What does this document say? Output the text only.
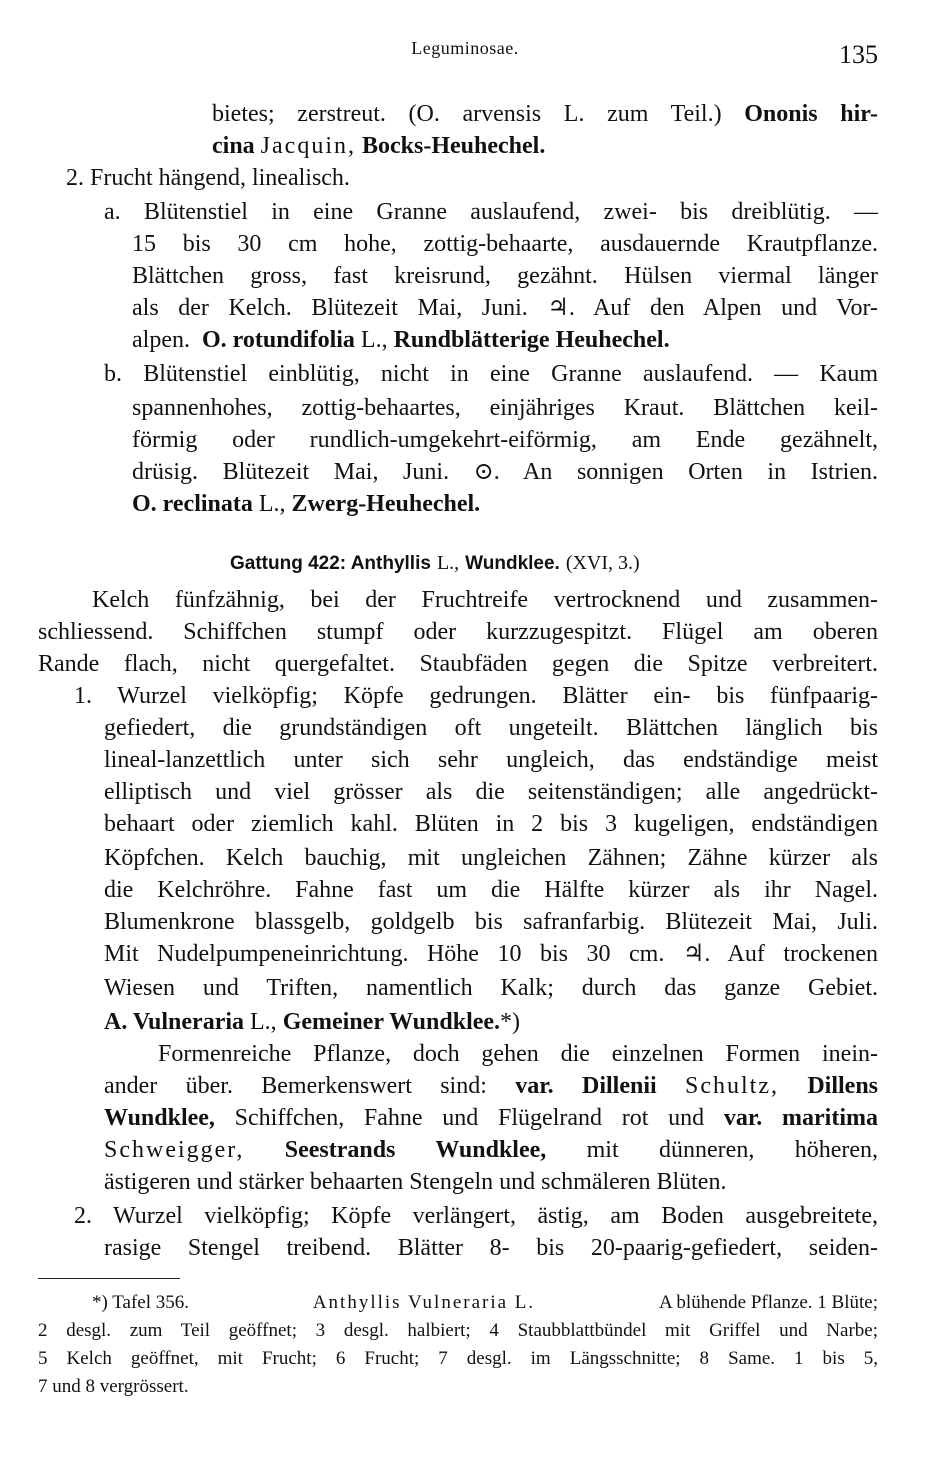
Leguminosae.	135
bietes; zerstreut. (O. arvensis L. zum Teil.) Ononis hir-
cina Jacquin, Bocks-Heuhechel.
2. Frucht hängend, linealisch.
a. Blütenstiel in eine Granne auslaufend, zwei- bis dreiblütig. —
15 bis 30 cm hohe, zottig-behaarte, ausdauernde Krautpflanze.
Blättchen gross, fast kreisrund, gezähnt. Hülsen viermal länger
als der Kelch. Blütezeit Mai, Juni. ♃. Auf den Alpen und Vor-
alpen. O. rotundifolia L., Rundblätterige Heuhechel.
b. Blütenstiel einblütig, nicht in eine Granne auslaufend. — Kaum
spannenhohes, zottig-behaartes, einjähriges Kraut. Blättchen keil-
förmig oder rundlich-umgekehrt-eiförmig, am Ende gezähnelt,
drüsig. Blütezeit Mai, Juni. ⊙. An sonnigen Orten in Istrien.
O. reclinata L., Zwerg-Heuhechel.
Gattung 422: Anthyllis L., Wundklee. (XVI, 3.)
Kelch fünfzähnig, bei der Fruchtreife vertrocknend und zusammen-
schliessend. Schiffchen stumpf oder kurzzugespitzt. Flügel am oberen
Rande flach, nicht quergefaltet. Staubfäden gegen die Spitze verbreitert.
1. Wurzel vielköpfig; Köpfe gedrungen. Blätter ein- bis fünfpaarig-
gefiedert, die grundständigen oft ungeteilt. Blättchen länglich bis
lineal-lanzettlich unter sich sehr ungleich, das endständige meist
elliptisch und viel grösser als die seitenständigen; alle angedrückt-
behaart oder ziemlich kahl. Blüten in 2 bis 3 kugeligen, endständigen
Köpfchen. Kelch bauchig, mit ungleichen Zähnen; Zähne kürzer als
die Kelchröhre. Fahne fast um die Hälfte kürzer als ihr Nagel.
Blumenkrone blassgelb, goldgelb bis safranfarbig. Blütezeit Mai, Juli.
Mit Nudelpumpeneinrichtung. Höhe 10 bis 30 cm. ♃. Auf trockenen
Wiesen und Triften, namentlich Kalk; durch das ganze Gebiet.
A. Vulneraria L., Gemeiner Wundklee.*)
Formenreiche Pflanze, doch gehen die einzelnen Formen inein-
ander über. Bemerkenswert sind: var. Dillenii Schultz, Dillens
Wundklee, Schiffchen, Fahne und Flügelrand rot und var. maritima
Schweigger, Seestrands Wundklee, mit dünneren, höheren,
ästigeren und stärker behaarten Stengeln und schmäleren Blüten.
2. Wurzel vielköpfig; Köpfe verlängert, ästig, am Boden ausgebreitete,
rasige Stengel treibend. Blätter 8- bis 20-paarig-gefiedert, seiden-
*) Tafel 356.	Anthyllis Vulneraria L.	A blühende Pflanze. 1 Blüte;
2 desgl. zum Teil geöffnet; 3 desgl. halbiert; 4 Staubblattbündel mit Griffel und Narbe;
5 Kelch geöffnet, mit Frucht; 6 Frucht; 7 desgl. im Längsschnitte; 8 Same. 1 bis 5,
7 und 8 vergrössert.
